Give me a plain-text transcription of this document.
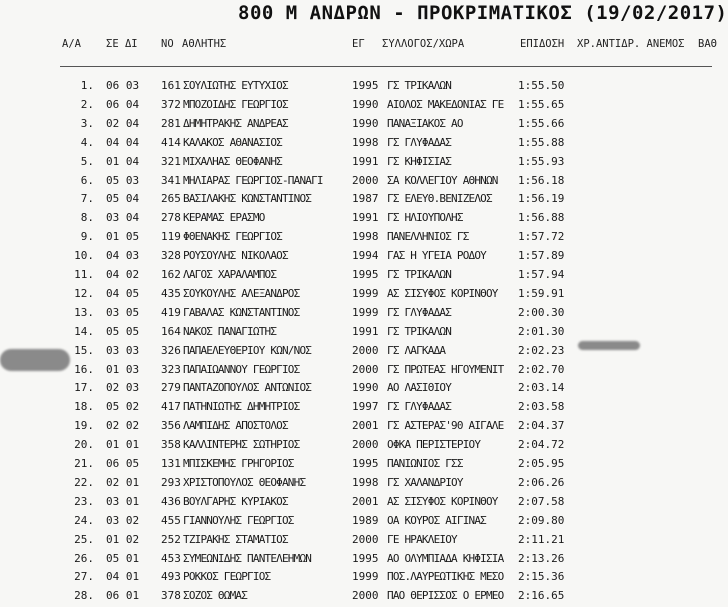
800 Μ ΑΝΔΡΩΝ - ΠΡΟΚΡΙΜΑΤΙΚΟΣ (19/02/2017)
Α/Α ΣΕ ΔΙ ΝΟ ΑΘΛΗΤΗΣ	ΕΓ ΣΥΛΛΟΓΟΣ/ΧΩΡΑ	ΕΠΙΔΟΣΗ ΧΡ.ΑΝΤΙΔΡ. ΑΝΕΜΟΣ ΒΑΘ
1. 06 03 161 ΣΟΥΛΙΩΤΗΣ ΕΥΤΥΧΙΟΣ	1995 ΓΣ ΤΡΙΚΑΛΩΝ	1:55.50
2. 06 04 372 ΜΠΟΖΟΙΔΗΣ ΓΕΩΡΓΙΟΣ	1990 ΑΙΟΛΟΣ ΜΑΚΕΔΟΝΙΑΣ ΓΕ 1:55.65
3. 02 04 281 ΔΗΜΗΤΡΑΚΗΣ ΑΝΔΡΕΑΣ	1990 ΠΑΝΑΞΙΑΚΟΣ ΑΟ	1:55.66
4. 04 04 414 ΚΑΛΑΚΟΣ ΑΘΑΝΑΣΙΟΣ	1998 ΓΣ ΓΛΥΦΑΔΑΣ	1:55.88
5. 01 04 321 ΜΙΧΑΛΗΑΣ ΘΕΟΦΑΝΗΣ	1991 ΓΣ ΚΗΦΙΣΙΑΣ	1:55.93
6. 05 03 341 ΜΗΛΙΑΡΑΣ ΓΕΩΡΓΙΟΣ-ΠΑΝΑΓΙ	2000 ΣΑ ΚΟΛΛΕΓΙΟΥ ΑΘΗΝΩΝ 1:56.18
7. 05 04 265 ΒΑΣΙΛΑΚΗΣ ΚΩΝΣΤΑΝΤΙΝΟΣ	1987 ΓΣ ΕΛΕΥΘ.ΒΕΝΙΖΕΛΟΣ 1:56.19
8. 03 04 278 ΚΕΡΑΜΑΣ ΕΡΑΣΜΟ	1991 ΓΣ ΗΛΙΟΥΠΟΛΗΣ	1:56.88
9. 01 05 119 ΦΘΕΝΑΚΗΣ ΓΕΩΡΓΙΟΣ	1998 ΠΑΝΕΛΛΗΝΙΟΣ ΓΣ	1:57.72
10. 04 03 328 ΡΟΥΣΟΥΛΗΣ ΝΙΚΟΛΑΟΣ	1994 ΓΑΣ Η ΥΓΕΙΑ ΡΟΔΟΥ	1:57.89
11. 04 02 162 ΛΑΓΟΣ ΧΑΡΑΛΑΜΠΟΣ	1995 ΓΣ ΤΡΙΚΑΛΩΝ	1:57.94
12. 04 05 435 ΣΟΥΚΟΥΛΗΣ ΑΛΕΞΑΝΔΡΟΣ	1999 ΑΣ ΣΙΣΥΦΟΣ ΚΟΡΙΝΘΟΥ 1:59.91
13. 03 05 419 ΓΑΒΑΛΑΣ ΚΩΝΣΤΑΝΤΙΝΟΣ	1999 ΓΣ ΓΛΥΦΑΔΑΣ	2:00.30
14. 05 05 164 ΝΑΚΟΣ ΠΑΝΑΓΙΩΤΗΣ	1991 ΓΣ ΤΡΙΚΑΛΩΝ	2:01.30
15. 03 03 326 ΠΑΠΑΕΛΕΥΘΕΡΙΟΥ ΚΩΝ/ΝΟΣ	2000 ΓΣ ΛΑΓΚΑΔΑ	2:02.23
16. 01 03 323 ΠΑΠΑΙΩΑΝΝΟΥ ΓΕΩΡΓΙΟΣ	2000 ΓΣ ΠΡΩΤΕΑΣ ΗΓΟΥΜΕΝΙΤ 2:02.70
17. 02 03 279 ΠΑΝΤΑΖΟΠΟΥΛΟΣ ΑΝΤΩΝΙΟΣ	1990 ΑΟ ΛΑΣΙΘΙΟΥ	2:03.14
18. 05 02 417 ΠΑΤΗΝΙΩΤΗΣ ΔΗΜΗΤΡΙΟΣ	1997 ΓΣ ΓΛΥΦΑΔΑΣ	2:03.58
19. 02 02 356 ΛΑΜΠΙΔΗΣ ΑΠΟΣΤΟΛΟΣ	2001 ΓΣ ΑΣΤΕΡΑΣ'90 ΑΙΓΑΛΕ 2:04.37
20. 01 01 358 ΚΑΛΛΙΝΤΕΡΗΣ ΣΩΤΗΡΙΟΣ	2000 ΟΦΚΑ ΠΕΡΙΣΤΕΡΙΟΥ	2:04.72
21. 06 05 131 ΜΠΙΣΚΕΜΗΣ ΓΡΗΓΟΡΙΟΣ	1995 ΠΑΝΙΩΝΙΟΣ ΓΣΣ	2:05.95
22. 02 01 293 ΧΡΙΣΤΟΠΟΥΛΟΣ ΘΕΟΦΑΝΗΣ	1998 ΓΣ ΧΑΛΑΝΔΡΙΟΥ	2:06.26
23. 03 01 436 ΒΟΥΛΓΑΡΗΣ ΚΥΡΙΑΚΟΣ	2001 ΑΣ ΣΙΣΥΦΟΣ ΚΟΡΙΝΘΟΥ 2:07.58
24. 03 02 455 ΓΙΑΝΝΟΥΛΗΣ ΓΕΩΡΓΙΟΣ	1989 ΟΑ ΚΟΥΡΟΣ ΑΙΓΙΝΑΣ	2:09.80
25. 01 02 252 ΤΖΙΡΑΚΗΣ ΣΤΑΜΑΤΙΟΣ	2000 ΓΕ ΗΡΑΚΛΕΙΟΥ	2:11.21
26. 05 01 453 ΣΥΜΕΩΝΙΔΗΣ ΠΑΝΤΕΛΕΗΜΩΝ	1995 ΑΟ ΟΛΥΜΠΙΑΔΑ ΚΗΦΙΣΙΑ 2:13.26
27. 04 01 493 ΡΟΚΚΟΣ ΓΕΩΡΓΙΟΣ	1999 ΠΟΣ.ΛΑΥΡΕΩΤΙΚΗΣ ΜΕΣΟ 2:15.36
28. 06 01 378 ΣΟΖΟΣ ΘΩΜΑΣ	2000 ΠΑΟ ΘΕΡΙΣΣΟΣ Ο ΕΡΜΕΟ 2:16.65
